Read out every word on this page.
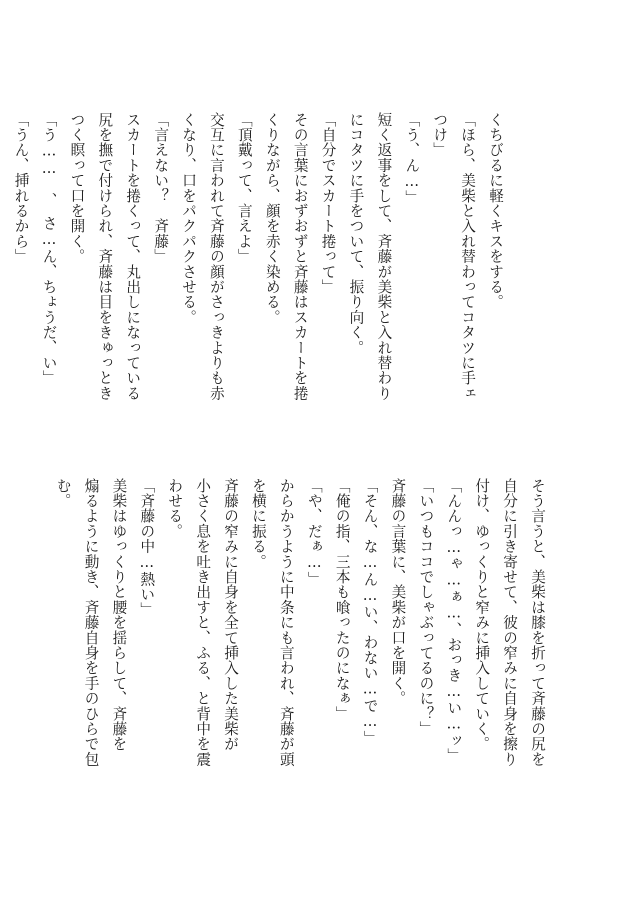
くちびるに軽くキスをする。
「ほら、美柴と入れ替わってコタツに手ェ
つけ」
「う、ん…」
短く返事をして、斉藤が美柴と入れ替わり
にコタツに手をついて、振り向く。
「自分でスカート捲って」
その言葉におずおずと斉藤はスカートを捲
くりながら、顔を赤く染める。
「頂戴って、言えよ」
交互に言われて斉藤の顔がさっきよりも赤
くなり、口をパクパクさせる。
「言えない？　斉藤」
スカートを捲くって、丸出しになっている
尻を撫で付けられ、斉藤は目をきゅっとき
つく瞑って口を開く。
「う……　、　さ…ん、ちょうだ、い」
「うん、挿れるから」
そう言うと、美柴は膝を折って斉藤の尻を
自分に引き寄せて、彼の窄みに自身を擦り
付け、ゆっくりと窄みに挿入していく。
「んんっ…ゃ…ぁ…、おっき…い…ッ」
「いつもココでしゃぶってるのに？」
斉藤の言葉に、美柴が口を開く。
「そん、な…ん…い、わない…で…」
「俺の指、三本も喰ったのになぁ」
「や、だぁ…」
からかうように中条にも言われ、斉藤が頭
を横に振る。
斉藤の窄みに自身を全て挿入した美柴が
小さく息を吐き出すと、ふる、と背中を震
わせる。
「斉藤の中…熱い」
美柴はゆっくりと腰を揺らして、斉藤を
煽るように動き、斉藤自身を手のひらで包
む。
